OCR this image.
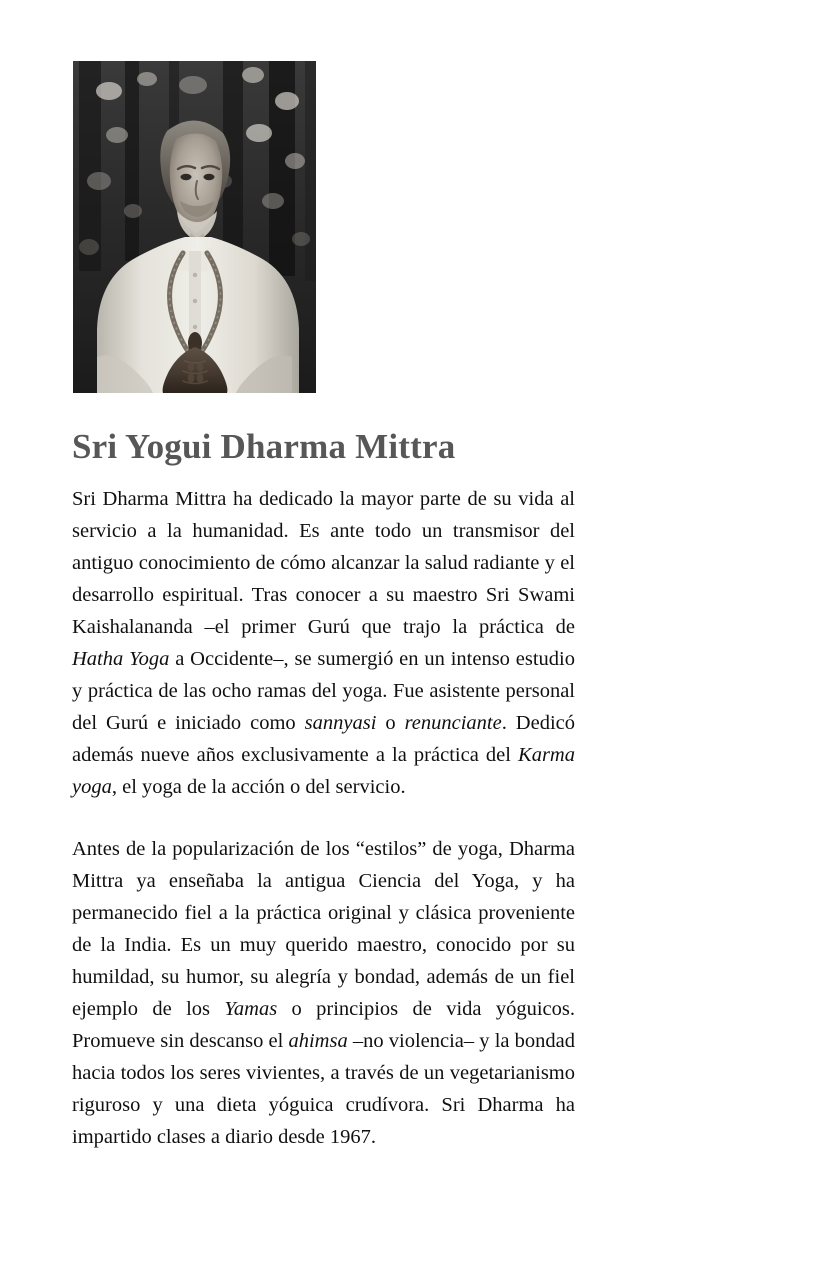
Sri Yogui Dharma Mittra

Sri Dharma Mittra ha dedicado la mayor parte de su vida al servicio a la humanidad. Es ante todo un transmisor del antiguo conocimiento de cómo alcanzar la salud radiante y el desarrollo espiritual. Tras conocer a su maestro Sri Swami Kaishalananda –el primer Gurú que trajo la práctica de Hatha Yoga a Occidente–, se sumergió en un intenso estudio y práctica de las ocho ramas del yoga. Fue asistente personal del Gurú e iniciado como sannyasi o renunciante. Dedicó además nueve años exclusivamente a la práctica del Karma yoga, el yoga de la acción o del servicio.

Antes de la popularización de los “estilos” de yoga, Dharma Mittra ya enseñaba la antigua Ciencia del Yoga, y ha permanecido fiel a la práctica original y clásica proveniente de la India. Es un muy querido maestro, conocido por su humildad, su humor, su alegría y bondad, además de un fiel ejemplo de los Yamas o principios de vida yóguicos. Promueve sin descanso el ahimsa –no violencia– y la bondad hacia todos los seres vivientes, a través de un vegetarianismo riguroso y una dieta yóguica crudívora. Sri Dharma ha impartido clases a diario desde 1967.
